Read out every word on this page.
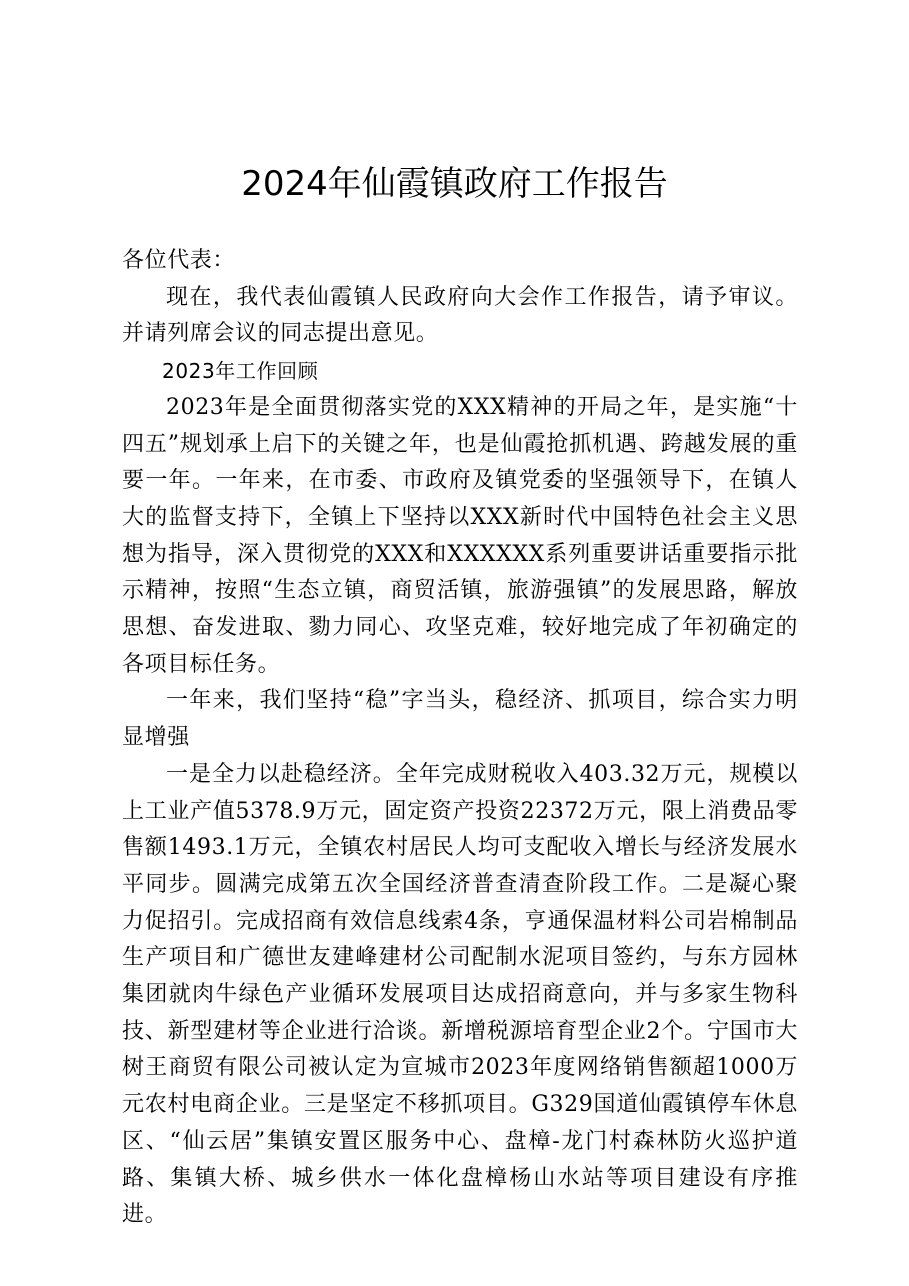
2024年仙霞镇政府工作报告

各位代表：

现在，我代表仙霞镇人民政府向大会作工作报告，请予审议。并请列席会议的同志提出意见。

2023年工作回顾

2023年是全面贯彻落实党的XXX精神的开局之年，是实施“十四五”规划承上启下的关键之年，也是仙霞抢抓机遇、跨越发展的重要一年。一年来，在市委、市政府及镇党委的坚强领导下，在镇人大的监督支持下，全镇上下坚持以XXX新时代中国特色社会主义思想为指导，深入贯彻党的XXX和XXXXXX系列重要讲话重要指示批示精神，按照“生态立镇，商贸活镇，旅游强镇”的发展思路，解放思想、奋发进取、勠力同心、攻坚克难，较好地完成了年初确定的各项目标任务。

一年来，我们坚持“稳”字当头，稳经济、抓项目，综合实力明显增强

一是全力以赴稳经济。全年完成财税收入403.32万元，规模以上工业产值5378.9万元，固定资产投资22372万元，限上消费品零售额1493.1万元，全镇农村居民人均可支配收入增长与经济发展水平同步。圆满完成第五次全国经济普查清查阶段工作。二是凝心聚力促招引。完成招商有效信息线索4条，亨通保温材料公司岩棉制品生产项目和广德世友建峰建材公司配制水泥项目签约，与东方园林集团就肉牛绿色产业循环发展项目达成招商意向，并与多家生物科技、新型建材等企业进行洽谈。新增税源培育型企业2个。宁国市大树王商贸有限公司被认定为宣城市2023年度网络销售额超1000万元农村电商企业。三是坚定不移抓项目。G329国道仙霞镇停车休息区、“仙云居”集镇安置区服务中心、盘樟-龙门村森林防火巡护道路、集镇大桥、城乡供水一体化盘樟杨山水站等项目建设有序推进。
